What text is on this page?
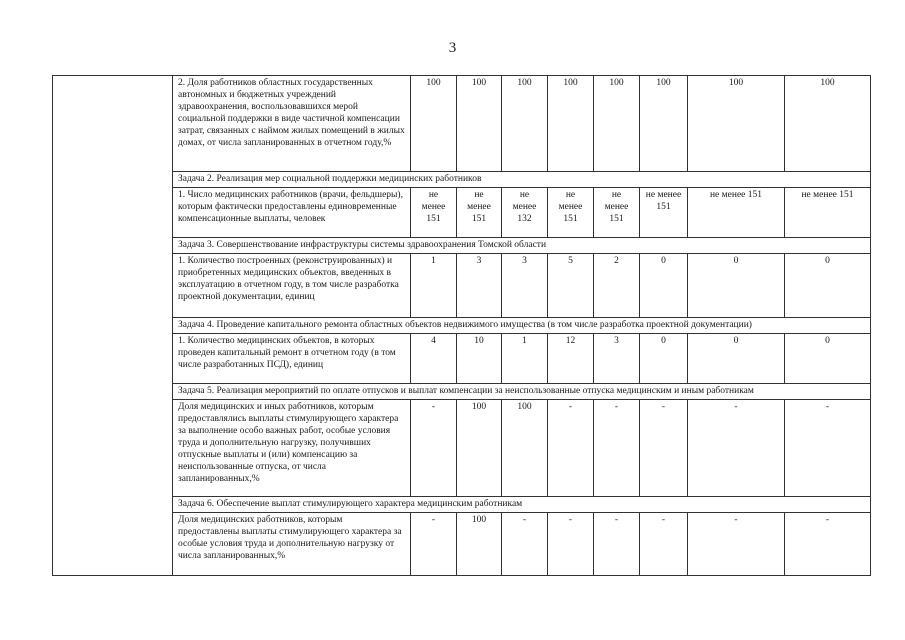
3
	2. Доля работников областных государственных автономных и бюджетных учреждений здравоохранения, воспользовавшихся мерой социальной поддержки в виде частичной компенсации затрат, связанных с наймом жилых помещений в жилых домах, от числа запланированных в отчетном году,%	100	100	100	100	100	100	100	100
	Задача 2. Реализация мер социальной поддержки медицинских работников								
	1. Число медицинских работников (врачи, фельдшеры), которым фактически предоставлены единовременные компенсационные выплаты, человек	не менее 151	не менее 151	не менее 132	не менее 151	не менее 151	не менее 151	не менее 151	не менее 151
	Задача 3. Совершенствование инфраструктуры системы здравоохранения Томской области								
	1. Количество построенных (реконструированных) и приобретенных медицинских объектов, введенных в эксплуатацию в отчетном году, в том числе разработка проектной документации, единиц	1	3	3	5	2	0	0	0
	Задача 4. Проведение капитального ремонта областных объектов недвижимого имущества (в том числе разработка проектной документации)								
	1. Количество медицинских объектов, в которых проведен капитальный ремонт в отчетном году (в том числе разработанных ПСД), единиц	4	10	1	12	3	0	0	0
	Задача 5. Реализация мероприятий по оплате отпусков и выплат компенсации за неиспользованные отпуска медицинским и иным работникам								
	Доля медицинских и иных работников, которым предоставлялись выплаты стимулирующего характера за выполнение особо важных работ, особые условия труда и дополнительную нагрузку, получивших отпускные выплаты и (или) компенсацию за неиспользованные отпуска, от числа запланированных,%	-	100	100	-	-	-	-	-
	Задача 6. Обеспечение выплат стимулирующего характера медицинским работникам								
	Доля медицинских работников, которым предоставлены выплаты стимулирующего характера за особые условия труда и дополнительную нагрузку от числа запланированных,%	-	100	-	-	-	-	-	-
